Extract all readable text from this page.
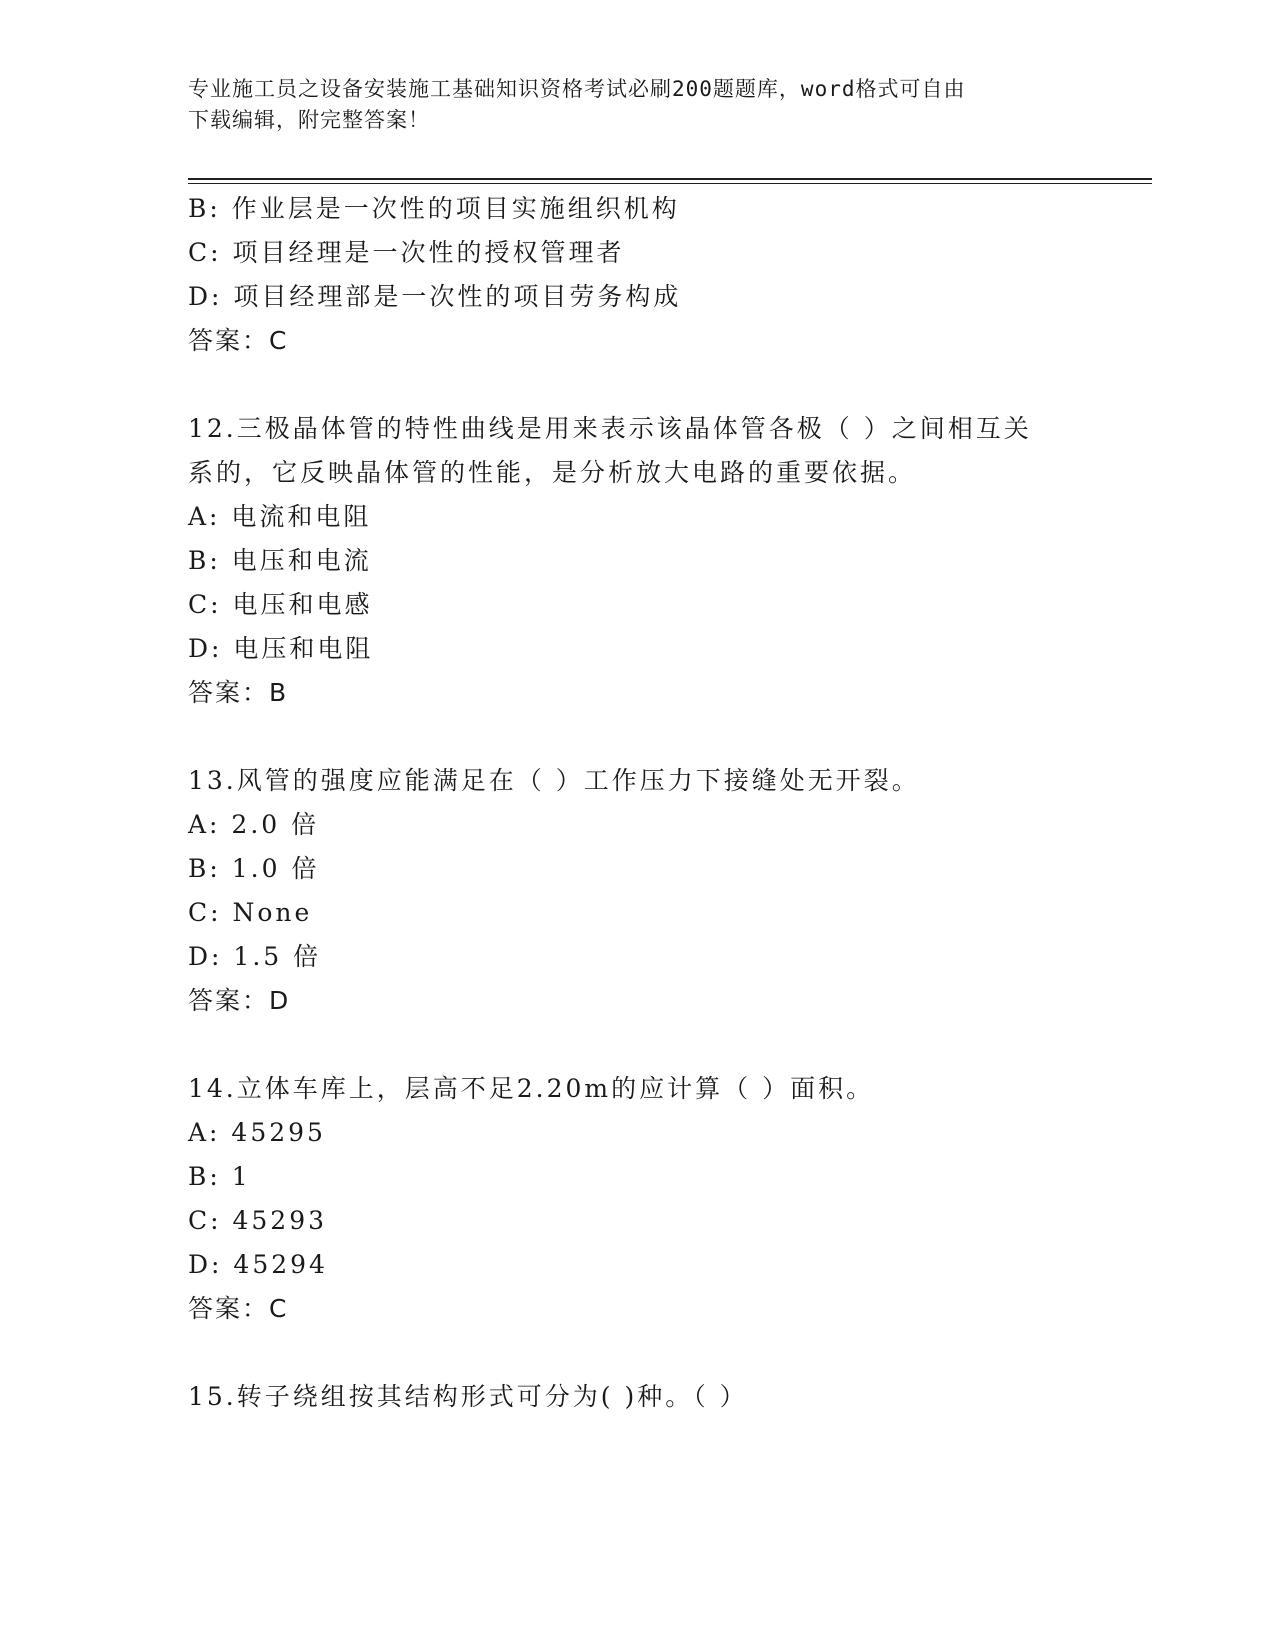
专业施工员之设备安装施工基础知识资格考试必刷200题题库，word格式可自由
下载编辑，附完整答案！
B: 作业层是一次性的项目实施组织机构
C: 项目经理是一次性的授权管理者
D: 项目经理部是一次性的项目劳务构成
答案：C
12.三极晶体管的特性曲线是用来表示该晶体管各极（ ）之间相互关
系的，它反映晶体管的性能，是分析放大电路的重要依据。
A: 电流和电阻
B: 电压和电流
C: 电压和电感
D: 电压和电阻
答案：B
13.风管的强度应能满足在（ ）工作压力下接缝处无开裂。
A: 2.0 倍
B: 1.0 倍
C: None
D: 1.5 倍
答案：D
14.立体车库上，层高不足2.20m的应计算（ ）面积。
A: 45295
B: 1
C: 45293
D: 45294
答案：C
15.转子绕组按其结构形式可分为( )种。（ ）
